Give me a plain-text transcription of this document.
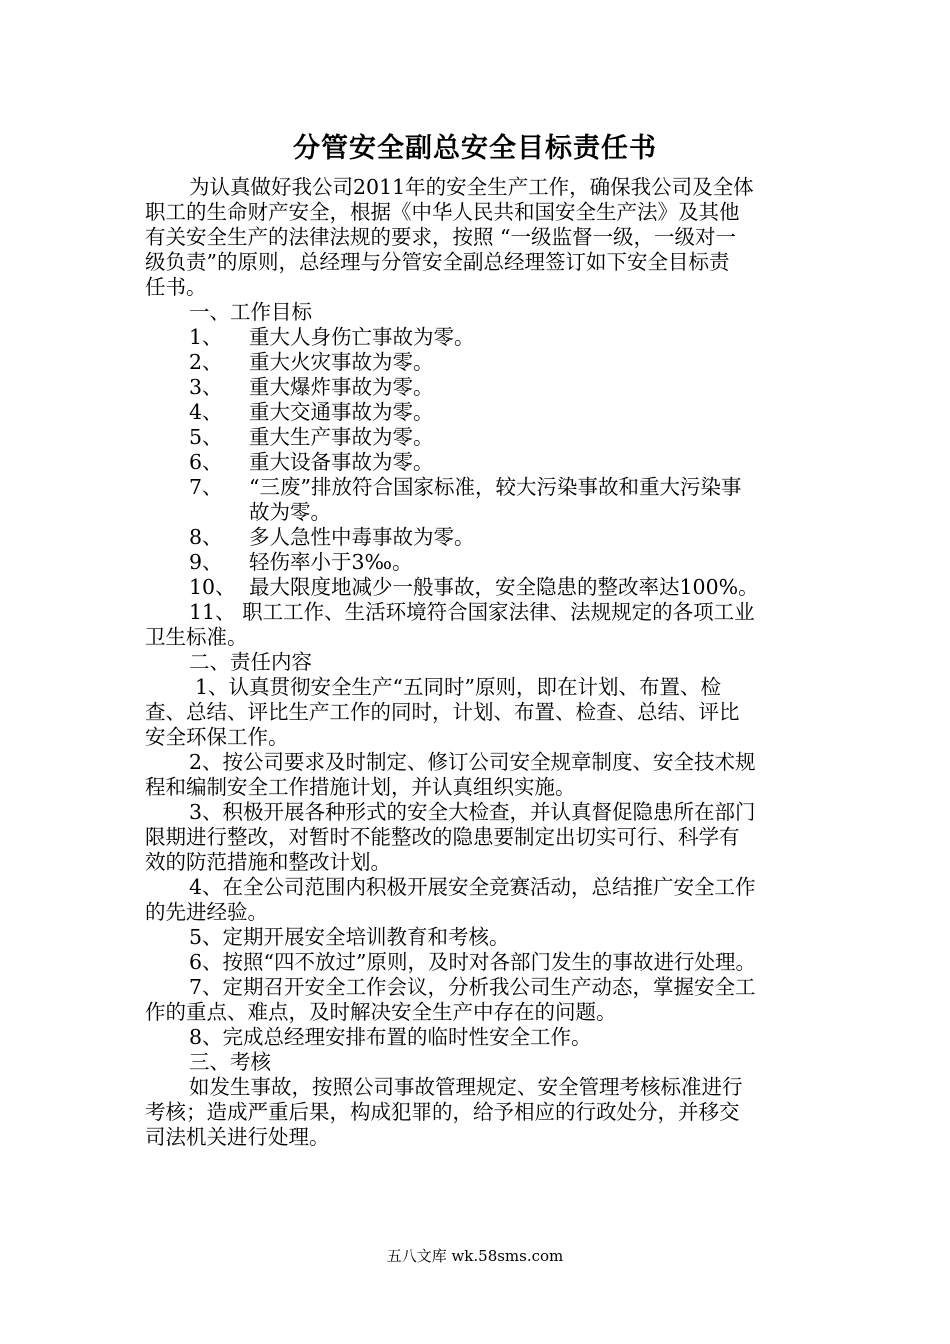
分管安全副总安全目标责任书

为认真做好我公司2011年的安全生产工作，确保我公司及全体

职工的生命财产安全，根据《中华人民共和国安全生产法》及其他

有关安全生产的法律法规的要求，按照 “一级监督一级，一级对一

级负责”的原则，总经理与分管安全副总经理签订如下安全目标责

任书。

一、工作目标

1、 重大人身伤亡事故为零。
2、 重大火灾事故为零。
3、 重大爆炸事故为零。
4、 重大交通事故为零。
5、 重大生产事故为零。
6、 重大设备事故为零。
7、 “三废”排放符合国家标准，较大污染事故和重大污染事
故为零。
8、 多人急性中毒事故为零。
9、 轻伤率小于3‰。
10、 最大限度地减少一般事故，安全隐患的整改率达100%。

11、 职工工作、生活环境符合国家法律、法规规定的各项工业

卫生标准。

二、责任内容

1、认真贯彻安全生产“五同时”原则，即在计划、布置、检

查、总结、评比生产工作的同时，计划、布置、检查、总结、评比

安全环保工作。

2、按公司要求及时制定、修订公司安全规章制度、安全技术规

程和编制安全工作措施计划，并认真组织实施。

3、积极开展各种形式的安全大检查，并认真督促隐患所在部门

限期进行整改，对暂时不能整改的隐患要制定出切实可行、科学有

效的防范措施和整改计划。

4、在全公司范围内积极开展安全竞赛活动，总结推广安全工作

的先进经验。

5、定期开展安全培训教育和考核。

6、按照“四不放过”原则，及时对各部门发生的事故进行处理。

7、定期召开安全工作会议，分析我公司生产动态，掌握安全工

作的重点、难点，及时解决安全生产中存在的问题。

8、完成总经理安排布置的临时性安全工作。

三、考核

如发生事故，按照公司事故管理规定、安全管理考核标准进行

考核；造成严重后果，构成犯罪的，给予相应的行政处分，并移交

司法机关进行处理。

五八文库 wk.58sms.com
